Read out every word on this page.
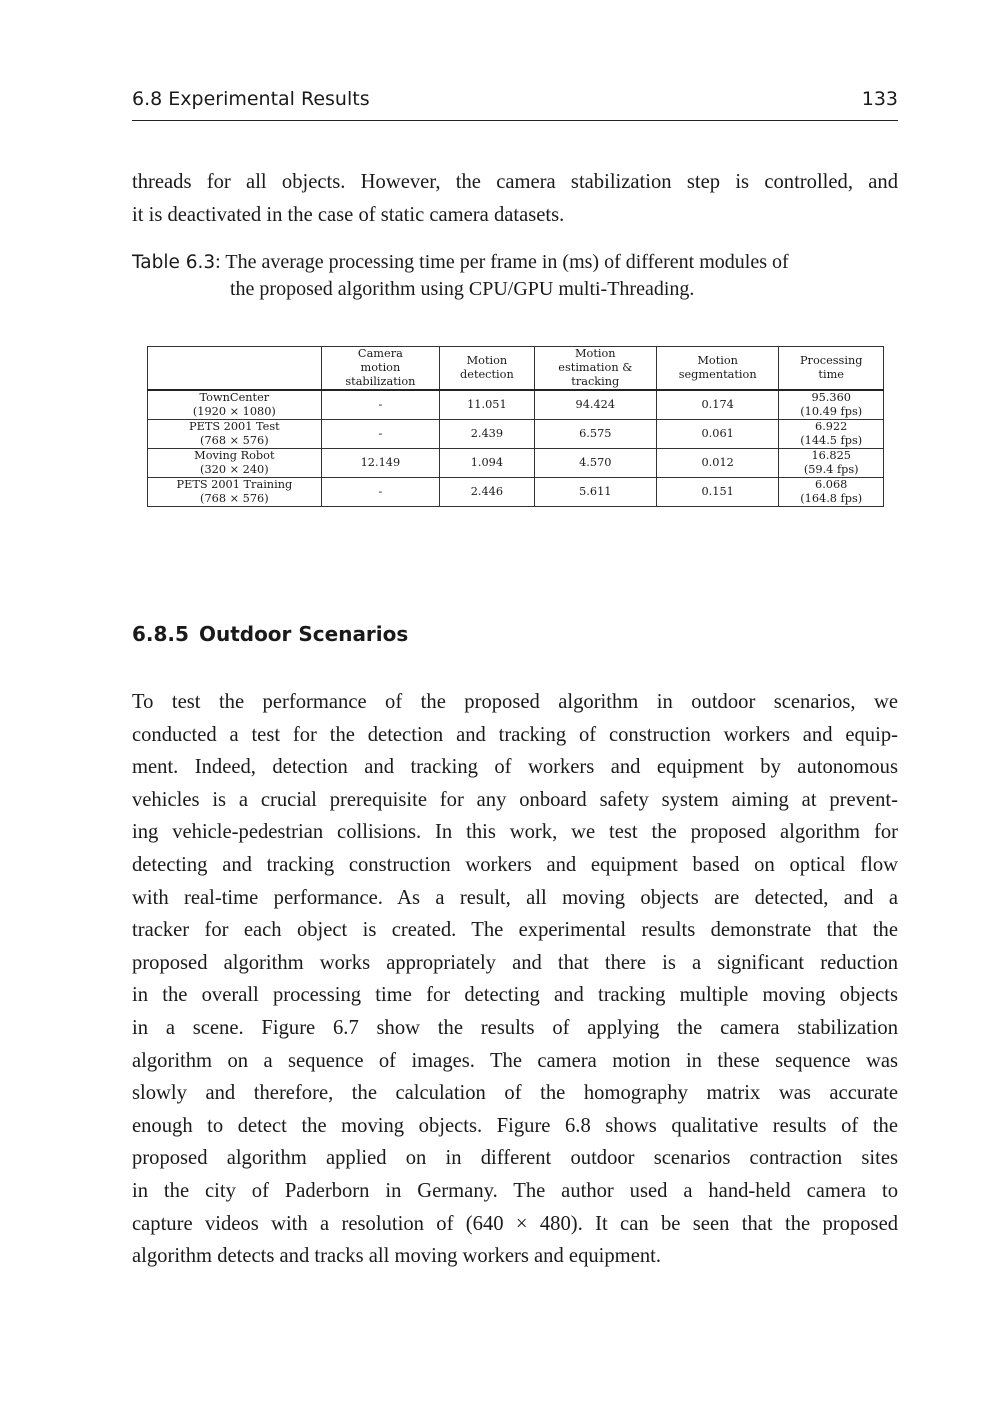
6.8 Experimental Results	133

threads for all objects. However, the camera stabilization step is controlled, and
it is deactivated in the case of static camera datasets.

Table 6.3: The average processing time per frame in (ms) of different modules of
the proposed algorithm using CPU/GPU multi-Threading.

	Camera
motion
stabilization	Motion
detection	Motion
estimation &
tracking	Motion
segmentation	Processing
time

TownCenter
(1920 × 1080)	-	11.051	94.424	0.174	95.360
(10.49 fps)

PETS 2001 Test
(768 × 576)	-	2.439	6.575	0.061	6.922
(144.5 fps)

Moving Robot
(320 × 240)	12.149	1.094	4.570	0.012	16.825
(59.4 fps)

PETS 2001 Training
(768 × 576)	-	2.446	5.611	0.151	6.068
(164.8 fps)
6.8.5 Outdoor Scenarios

To test the performance of the proposed algorithm in outdoor scenarios, we
conducted a test for the detection and tracking of construction workers and equip-
ment. Indeed, detection and tracking of workers and equipment by autonomous
vehicles is a crucial prerequisite for any onboard safety system aiming at prevent-
ing vehicle-pedestrian collisions. In this work, we test the proposed algorithm for
detecting and tracking construction workers and equipment based on optical flow
with real-time performance. As a result, all moving objects are detected, and a
tracker for each object is created. The experimental results demonstrate that the
proposed algorithm works appropriately and that there is a significant reduction
in the overall processing time for detecting and tracking multiple moving objects
in a scene. Figure 6.7 show the results of applying the camera stabilization
algorithm on a sequence of images. The camera motion in these sequence was
slowly and therefore, the calculation of the homography matrix was accurate
enough to detect the moving objects. Figure 6.8 shows qualitative results of the
proposed algorithm applied on in different outdoor scenarios contraction sites
in the city of Paderborn in Germany. The author used a hand-held camera to
capture videos with a resolution of (640 × 480). It can be seen that the proposed
algorithm detects and tracks all moving workers and equipment.
